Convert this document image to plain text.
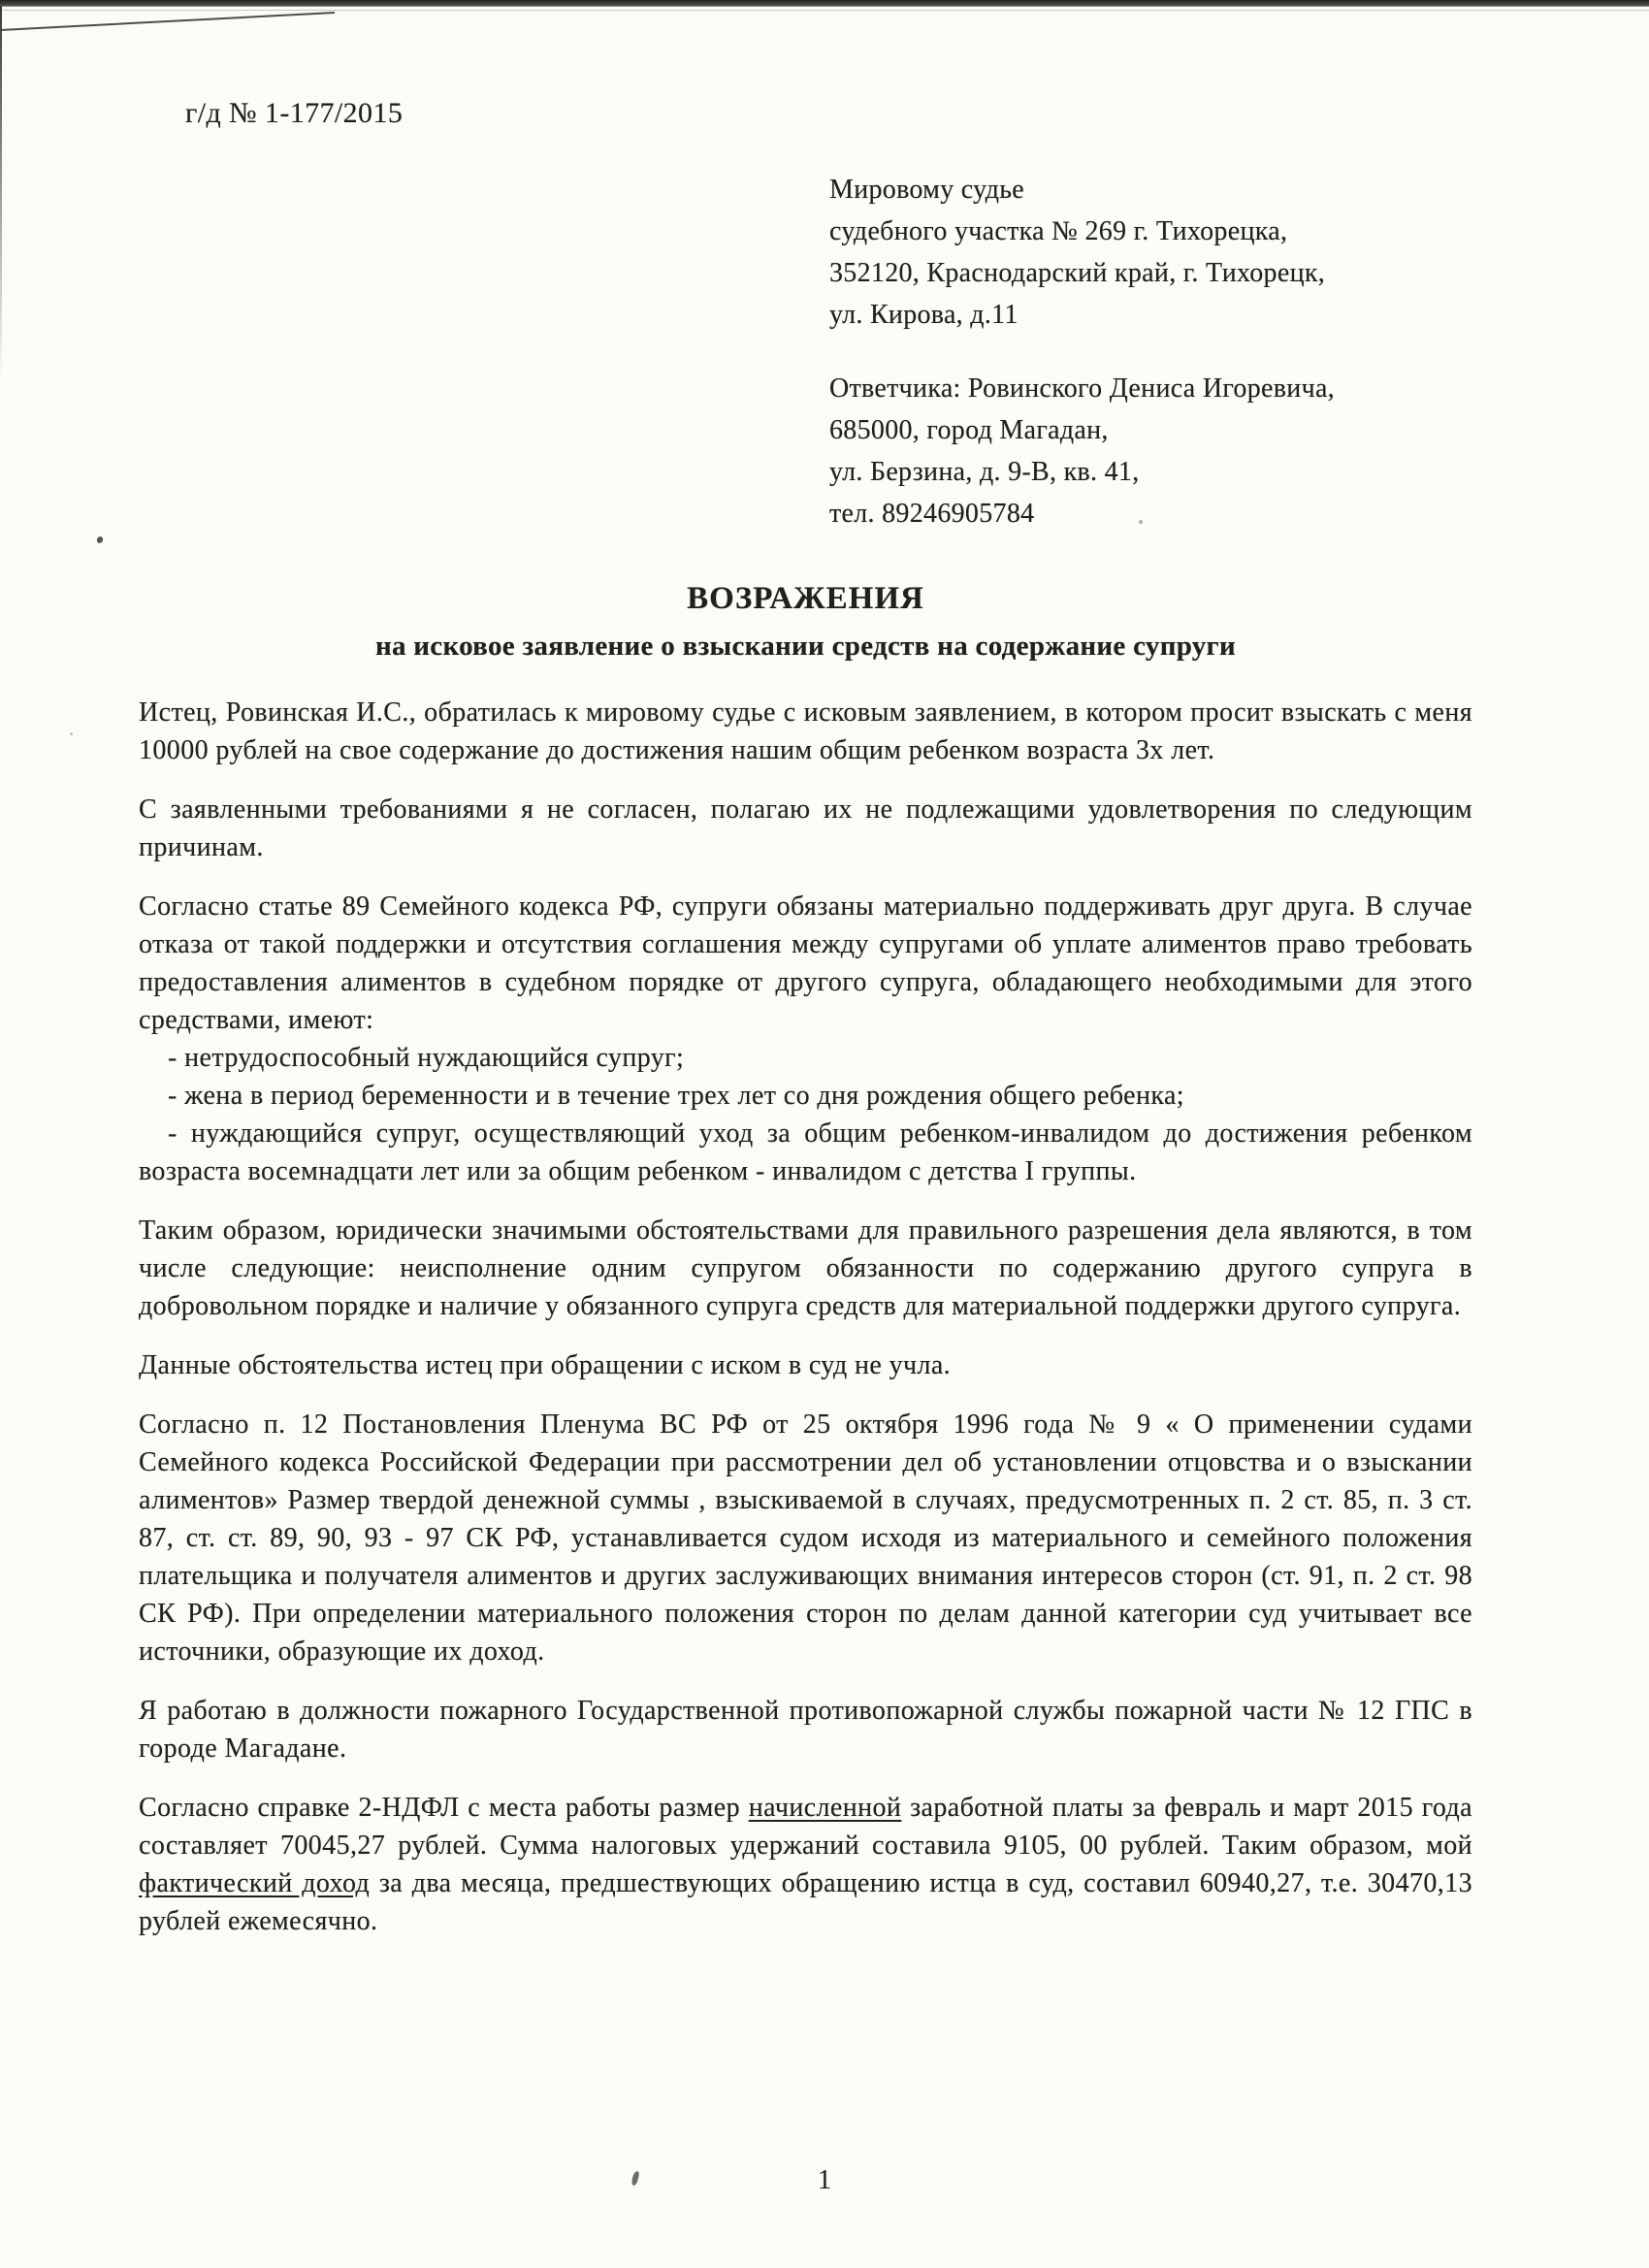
г/д № 1-177/2015
Мировому судье
судебного участка № 269 г. Тихорецка,
352120, Краснодарский край, г. Тихорецк,
ул. Кирова, д.11
Ответчика: Ровинского Дениса Игоревича,
685000, город Магадан,
ул. Берзина, д. 9-В, кв. 41,
тел. 89246905784
ВОЗРАЖЕНИЯ
на исковое заявление о взыскании средств на содержание супруги

Истец, Ровинская И.С., обратилась к мировому судье с исковым заявлением, в котором просит взыскать с меня 10000 рублей на свое содержание до достижения нашим общим ребенком возраста 3х лет.

С заявленными требованиями я не согласен, полагаю их не подлежащими удовлетворения по следующим причинам.

Согласно статье 89 Семейного кодекса РФ, супруги обязаны материально поддерживать друг друга. В случае отказа от такой поддержки и отсутствия соглашения между супругами об уплате алиментов право требовать предоставления алиментов в судебном порядке от другого супруга, обладающего необходимыми для этого средствами, имеют:

- нетрудоспособный нуждающийся супруг;
- жена в период беременности и в течение трех лет со дня рождения общего ребенка;
- нуждающийся супруг, осуществляющий уход за общим ребенком-инвалидом до достижения ребенком возраста восемнадцати лет или за общим ребенком - инвалидом с детства I группы.

Таким образом, юридически значимыми обстоятельствами для правильного разрешения дела являются, в том числе следующие: неисполнение одним супругом обязанности по содержанию другого супруга в добровольном порядке и наличие у обязанного супруга средств для материальной поддержки другого супруга.

Данные обстоятельства истец при обращении с иском в суд не учла.

Согласно п. 12 Постановления Пленума ВС РФ от 25 октября 1996 года № 9 « О применении судами Семейного кодекса Российской Федерации при рассмотрении дел об установлении отцовства и о взыскании алиментов» Размер твердой денежной суммы , взыскиваемой в случаях, предусмотренных п. 2 ст. 85, п. 3 ст. 87, ст. ст. 89, 90, 93 - 97 СК РФ, устанавливается судом исходя из материального и семейного положения плательщика и получателя алиментов и других заслуживающих внимания интересов сторон (ст. 91, п. 2 ст. 98 СК РФ). При определении материального положения сторон по делам данной категории суд учитывает все источники, образующие их доход.

Я работаю в должности пожарного Государственной противопожарной службы пожарной части № 12 ГПС в городе Магадане.

Согласно справке 2-НДФЛ с места работы размер начисленной заработной платы за февраль и март 2015 года составляет 70045,27 рублей. Сумма налоговых удержаний составила 9105, 00 рублей. Таким образом, мой фактический доход за два месяца, предшествующих обращению истца в суд, составил 60940,27, т.е. 30470,13 рублей ежемесячно.

1
